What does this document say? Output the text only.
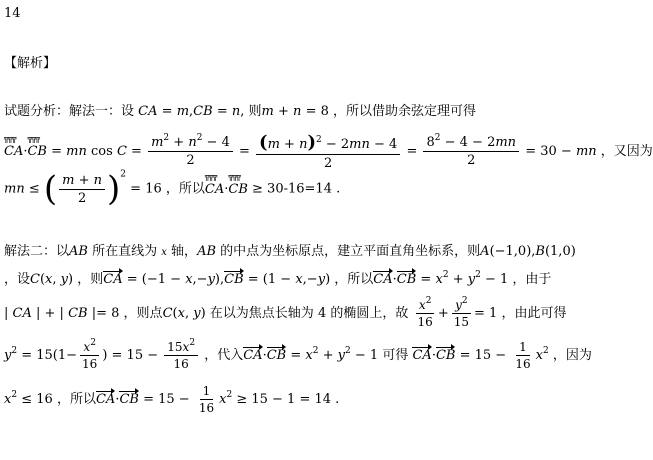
14
【解析】
试题分析：解法一：设 CA = m,CB = n, 则m + n = 8 ，所以借助余弦定理可得
╦╦╦ CA·╦╦╦ CB = mn $\cos C = \frac{m^2 + n^2 - 4}{2} = \frac{(m + n)^2 - 2mn - 4}{2} = \frac{8^2 - 4 - 2mn}{2} = 30$ − mn ，又因为
mn ≤ ( $\frac{m + n}{2} )^2 = 16$ ，所以╦╦╦ CA·╦╦╦ CB ≥ 30-16=14 .
解法二：以AB 所在直线为 x 轴，AB 的中点为坐标原点，建立平面直角坐标系，则A(−1,0),B(1,0)
，设C(x, y) ，则CA = (−1 − x,−y),CB = (1 − x,−y) ，所以$CA\cdot CB = x^2 + y^2 - 1$ ，由于
| CA | + | CB |= 8 ，则点C(x, y) 在以为焦点长轴为 4 的椭圆上，故 $\frac{x^2}{16} + \frac{y^2}{15} = 1$ ，由此可得
$y^2 = 15(1- \frac{x^2}{16}$ ) = $15 - \frac{15x^2}{16}$ ，代入$CA\cdot CB = x^2 + y^2 - 1$ 可得 $CA\cdot CB = 15 - \frac{1}{16} x^2$ ，因为
$x^2 \le 16$ ，所以$CA\cdot CB = 15 - \frac{1}{16} x^2 \ge 15 - 1 = 14$ .
